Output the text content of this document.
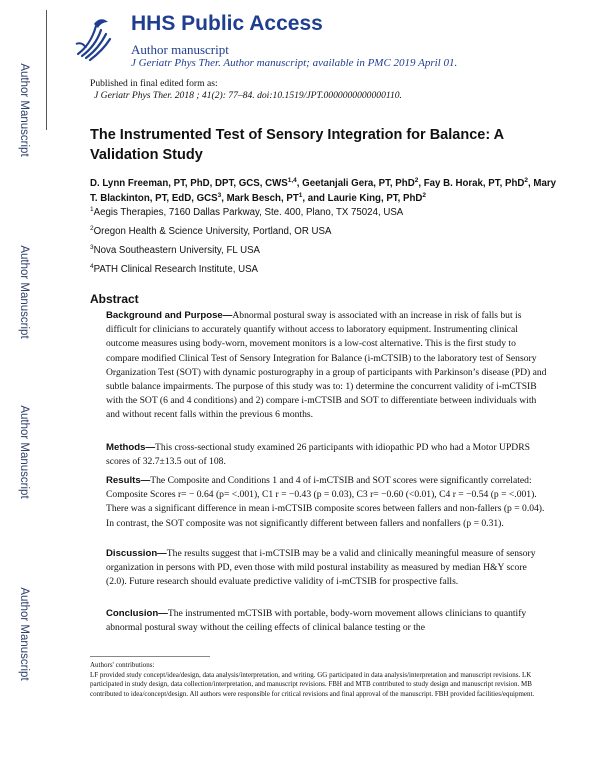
Author Manuscript
Author Manuscript
Author Manuscript
Author Manuscript
HHS Public Access
Author manuscript
J Geriatr Phys Ther. Author manuscript; available in PMC 2019 April 01.
Published in final edited form as:
J Geriatr Phys Ther. 2018 ; 41(2): 77–84. doi:10.1519/JPT.0000000000000110.
The Instrumented Test of Sensory Integration for Balance: A Validation Study
D. Lynn Freeman, PT, PhD, DPT, GCS, CWS$^{1,4}$, Geetanjali Gera, PT, PhD$^2$, Fay B. Horak, PT, PhD$^2$, Mary T. Blackinton, PT, EdD, GCS$^3$, Mark Besch, $PT^1$, and Laurie King, PT, PhD$^2$
$^1$Aegis Therapies, 7160 Dallas Parkway, Ste. 400, Plano, TX 75024, USA
$^2$Oregon Health & Science University, Portland, OR USA
$^3$Nova Southeastern University, FL USA
$^4$PATH Clinical Research Institute, USA
Abstract

Background and Purpose—Abnormal postural sway is associated with an increase in risk of falls but is difficult for clinicians to accurately quantify without access to laboratory equipment. Instrumenting clinical outcome measures using body-worn, movement monitors is a low-cost alternative. This is the first study to compare modified Clinical Test of Sensory Integration for Balance (i-mCTSIB) to the laboratory test of Sensory Organization Test (SOT) with dynamic posturography in a group of participants with Parkinson’s disease (PD) and subtle balance impairments. The purpose of this study was to: 1) determine the concurrent validity of i-mCTSIB with the SOT (6 and 4 conditions) and 2) compare i-mCTSIB and SOT to differentiate between individuals with and without recent falls within the previous 6 months.

Methods—This cross-sectional study examined 26 participants with idiopathic PD who had a Motor UPDRS scores of 32.7±13.5 out of 108.

Results—The Composite and Conditions 1 and 4 of i-mCTSIB and SOT scores were significantly correlated: Composite Scores r= − 0.64 (p= <.001), C1 r = −0.43 (p = 0.03), C3 r= −0.60 (˂0.01), C4 r = −0.54 (p = <.001). There was a significant difference in mean i-mCTSIB composite scores between fallers and non-fallers (p = 0.04). In contrast, the SOT composite was not significantly different between fallers and nonfallers (p = 0.31).

Discussion—The results suggest that i-mCTSIB may be a valid and clinically meaningful measure of sensory organization in persons with PD, even those with mild postural instability as measured by median H&Y score (2.0). Future research should evaluate predictive validity of i-mCTSIB for prospective falls.

Conclusion—The instrumented mCTSIB with portable, body-worn movement allows clinicians to quantify abnormal postural sway without the ceiling effects of clinical balance testing or the

Authors' contributions:
LF provided study concept/idea/design, data analysis/interpretation, and writing. GG participated in data analysis/interpretation and manuscript revisions. LK participated in study design, data collection/interpretation, and manuscript revisions. FBH and MTB contributed to study design and manuscript revision. MB contributed to idea/concept/design. All authors were responsible for critical revisions and final approval of the manuscript. FBH provided facilities/equipment.
